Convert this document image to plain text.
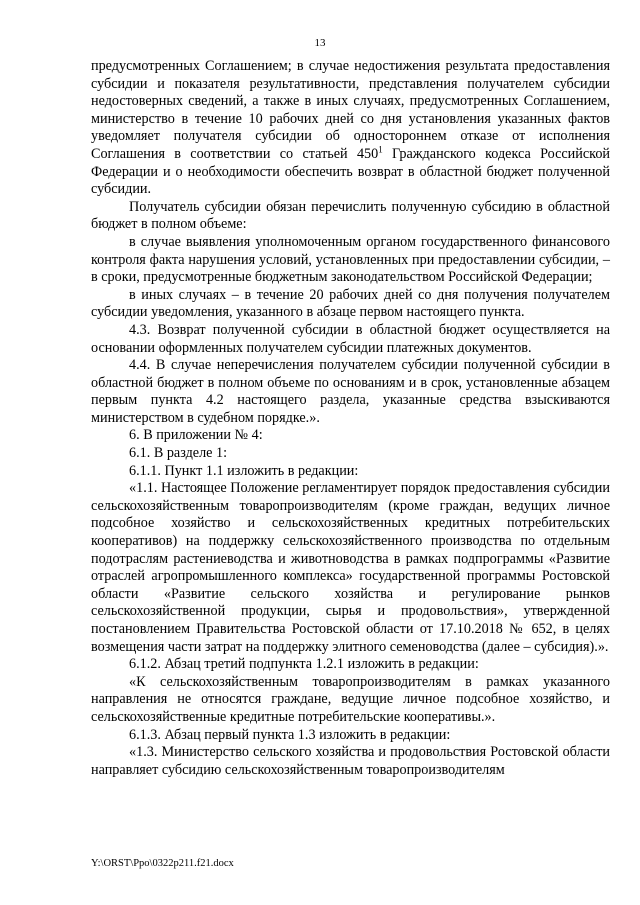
13

предусмотренных Соглашением; в случае недостижения результата предоставления субсидии и показателя результативности, представления получателем субсидии недостоверных сведений, а также в иных случаях, предусмотренных Соглашением, министерство в течение 10 рабочих дней со дня установления указанных фактов уведомляет получателя субсидии об одностороннем отказе от исполнения Соглашения в соответствии со статьей $450^1$ Гражданского кодекса Российской Федерации и о необходимости обеспечить возврат в областной бюджет полученной субсидии.

Получатель субсидии обязан перечислить полученную субсидию в областной бюджет в полном объеме:

в случае выявления уполномоченным органом государственного финансового контроля факта нарушения условий, установленных при предоставлении субсидии, – в сроки, предусмотренные бюджетным законодательством Российской Федерации;

в иных случаях – в течение 20 рабочих дней со дня получения получателем субсидии уведомления, указанного в абзаце первом настоящего пункта.

4.3. Возврат полученной субсидии в областной бюджет осуществляется на основании оформленных получателем субсидии платежных документов.

4.4. В случае неперечисления получателем субсидии полученной субсидии в областной бюджет в полном объеме по основаниям и в срок, установленные абзацем первым пункта 4.2 настоящего раздела, указанные средства взыскиваются министерством в судебном порядке.».

6. В приложении № 4:

6.1. В разделе 1:

6.1.1. Пункт 1.1 изложить в редакции:

«1.1. Настоящее Положение регламентирует порядок предоставления субсидии сельскохозяйственным товаропроизводителям (кроме граждан, ведущих личное подсобное хозяйство и сельскохозяйственных кредитных потребительских кооперативов) на поддержку сельскохозяйственного производства по отдельным подотраслям растениеводства и животноводства в рамках подпрограммы «Развитие отраслей агропромышленного комплекса» государственной программы Ростовской области «Развитие сельского хозяйства и регулирование рынков сельскохозяйственной продукции, сырья и продовольствия», утвержденной постановлением Правительства Ростовской области от 17.10.2018 № 652, в целях возмещения части затрат на поддержку элитного семеноводства (далее – субсидия).».

6.1.2. Абзац третий подпункта 1.2.1 изложить в редакции:

«К сельскохозяйственным товаропроизводителям в рамках указанного направления не относятся граждане, ведущие личное подсобное хозяйство, и сельскохозяйственные кредитные потребительские кооперативы.».

6.1.3. Абзац первый пункта 1.3 изложить в редакции:

«1.3. Министерство сельского хозяйства и продовольствия Ростовской области направляет субсидию сельскохозяйственным товаропроизводителям

Y:\ORST\Ppo\0322p211.f21.docx
